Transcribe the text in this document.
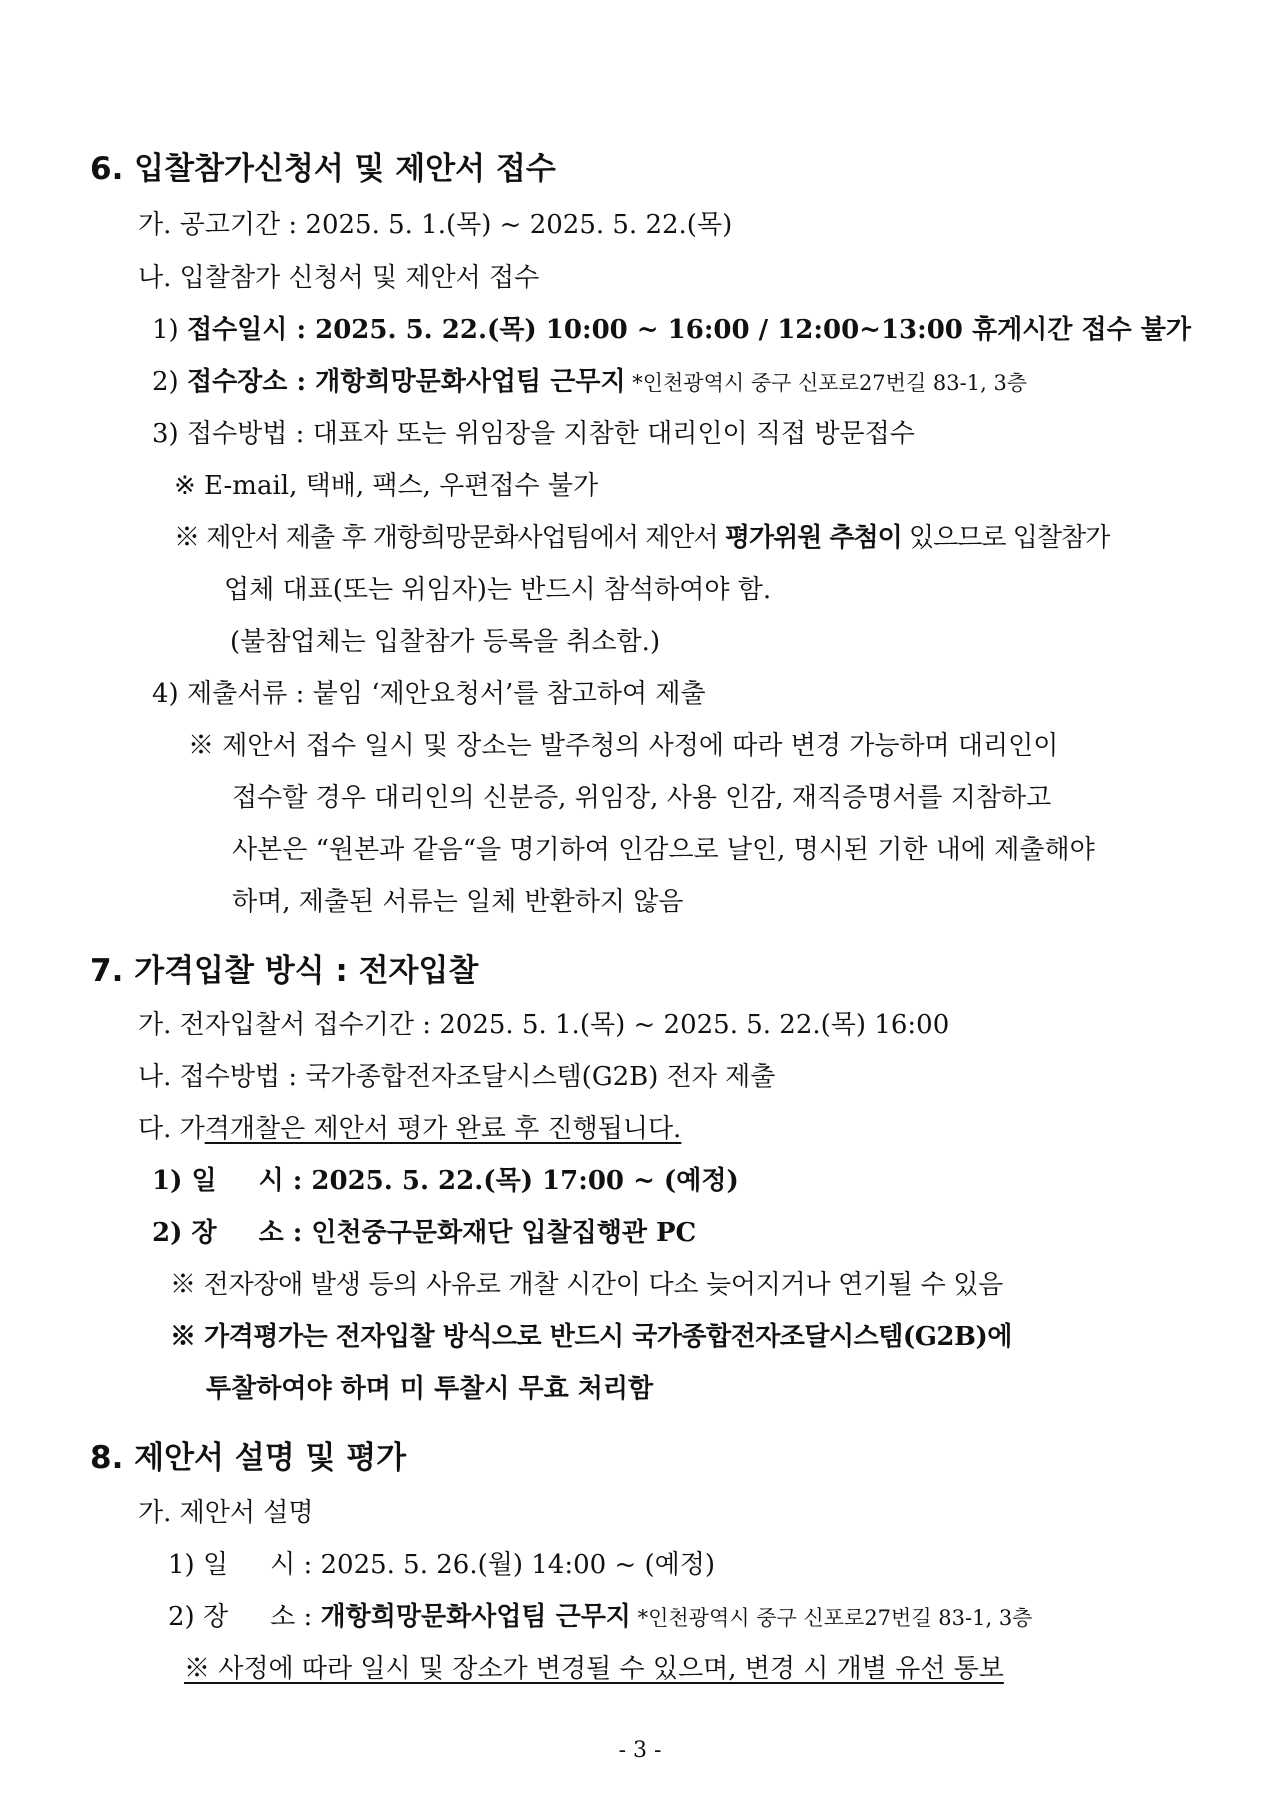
6. 입찰참가신청서 및 제안서 접수
가. 공고기간 : 2025. 5. 1.(목) ~ 2025. 5. 22.(목)
나. 입찰참가 신청서 및 제안서 접수
1) 접수일시 : 2025. 5. 22.(목) 10:00 ~ 16:00 / 12:00~13:00 휴게시간 접수 불가
2) 접수장소 : 개항희망문화사업팀 근무지 *인천광역시 중구 신포로27번길 83-1, 3층
3) 접수방법 : 대표자 또는 위임장을 지참한 대리인이 직접 방문접수
※ E-mail, 택배, 팩스, 우편접수 불가
※ 제안서 제출 후 개항희망문화사업팀에서 제안서 평가위원 추첨이 있으므로 입찰참가
업체 대표(또는 위임자)는 반드시 참석하여야 함.
(불참업체는 입찰참가 등록을 취소함.)
4) 제출서류 : 붙임 ‘제안요청서’를 참고하여 제출
※ 제안서 접수 일시 및 장소는 발주청의 사정에 따라 변경 가능하며 대리인이
접수할 경우 대리인의 신분증, 위임장, 사용 인감, 재직증명서를 지참하고
사본은 “원본과 같음“을 명기하여 인감으로 날인, 명시된 기한 내에 제출해야
하며, 제출된 서류는 일체 반환하지 않음
7. 가격입찰 방식 : 전자입찰
가. 전자입찰서 접수기간 : 2025. 5. 1.(목) ~ 2025. 5. 22.(목) 16:00
나. 접수방법 : 국가종합전자조달시스템(G2B) 전자 제출
다. 가격개찰은 제안서 평가 완료 후 진행됩니다.
1) 일 시 : 2025. 5. 22.(목) 17:00 ~ (예정)
2) 장 소 : 인천중구문화재단 입찰집행관 PC
※ 전자장애 발생 등의 사유로 개찰 시간이 다소 늦어지거나 연기될 수 있음
※ 가격평가는 전자입찰 방식으로 반드시 국가종합전자조달시스템(G2B)에
투찰하여야 하며 미 투찰시 무효 처리함
8. 제안서 설명 및 평가
가. 제안서 설명
1) 일 시 : 2025. 5. 26.(월) 14:00 ~ (예정)
2) 장 소 : 개항희망문화사업팀 근무지 *인천광역시 중구 신포로27번길 83-1, 3층
※ 사정에 따라 일시 및 장소가 변경될 수 있으며, 변경 시 개별 유선 통보
- 3 -
